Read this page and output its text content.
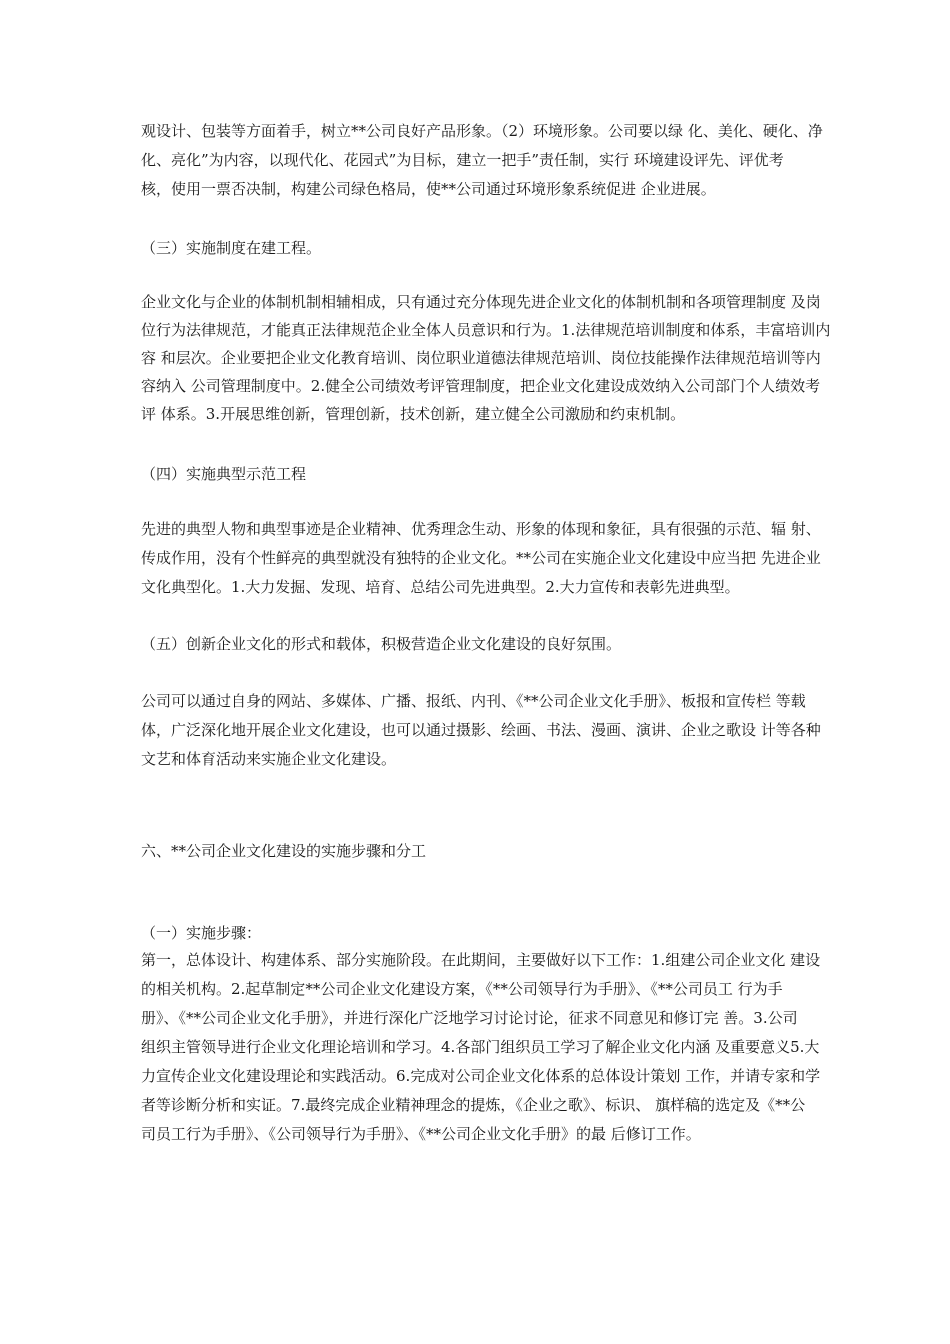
观设计、包装等方面着手，树立**公司良好产品形象。（2）环境形象。公司要以绿 化、美化、硬化、净
化、亮化”为内容，以现代化、花园式”为目标，建立一把手”责任制，实行 环境建设评先、评优考
核，使用一票否决制，构建公司绿色格局，使**公司通过环境形象系统促进 企业进展。
（三）实施制度在建工程。
企业文化与企业的体制机制相辅相成，只有通过充分体现先进企业文化的体制机制和各项管理制度 及岗
位行为法律规范，才能真正法律规范企业全体人员意识和行为。1.法律规范培训制度和体系，丰富培训内
容 和层次。企业要把企业文化教育培训、岗位职业道德法律规范培训、岗位技能操作法律规范培训等内
容纳入 公司管理制度中。2.健全公司绩效考评管理制度，把企业文化建设成效纳入公司部门个人绩效考
评 体系。3.开展思维创新，管理创新，技术创新，建立健全公司激励和约束机制。
（四）实施典型示范工程
先进的典型人物和典型事迹是企业精神、优秀理念生动、形象的体现和象征，具有很强的示范、辐 射、
传成作用，没有个性鲜亮的典型就没有独特的企业文化。**公司在实施企业文化建设中应当把 先进企业
文化典型化。1.大力发掘、发现、培育、总结公司先进典型。2.大力宣传和表彰先进典型。
（五）创新企业文化的形式和载体，积极营造企业文化建设的良好氛围。
公司可以通过自身的网站、多媒体、广播、报纸、内刊、《**公司企业文化手册》、板报和宣传栏 等载
体，广泛深化地开展企业文化建设，也可以通过摄影、绘画、书法、漫画、演讲、企业之歌设 计等各种
文艺和体育活动来实施企业文化建设。
六、**公司企业文化建设的实施步骤和分工
（一）实施步骤：
第一，总体设计、构建体系、部分实施阶段。在此期间，主要做好以下工作：1.组建公司企业文化 建设
的相关机构。2.起草制定**公司企业文化建设方案，《**公司领导行为手册》、《**公司员工 行为手
册》、《**公司企业文化手册》，并进行深化广泛地学习讨论讨论，征求不同意见和修订完 善。3.公司
组织主管领导进行企业文化理论培训和学习。4.各部门组织员工学习了解企业文化内涵 及重要意义5.大
力宣传企业文化建设理论和实践活动。6.完成对公司企业文化体系的总体设计策划 工作，并请专家和学
者等诊断分析和实证。7.最终完成企业精神理念的提炼，《企业之歌》、标识、 旗样稿的选定及《**公
司员工行为手册》、《公司领导行为手册》、《**公司企业文化手册》的最 后修订工作。
